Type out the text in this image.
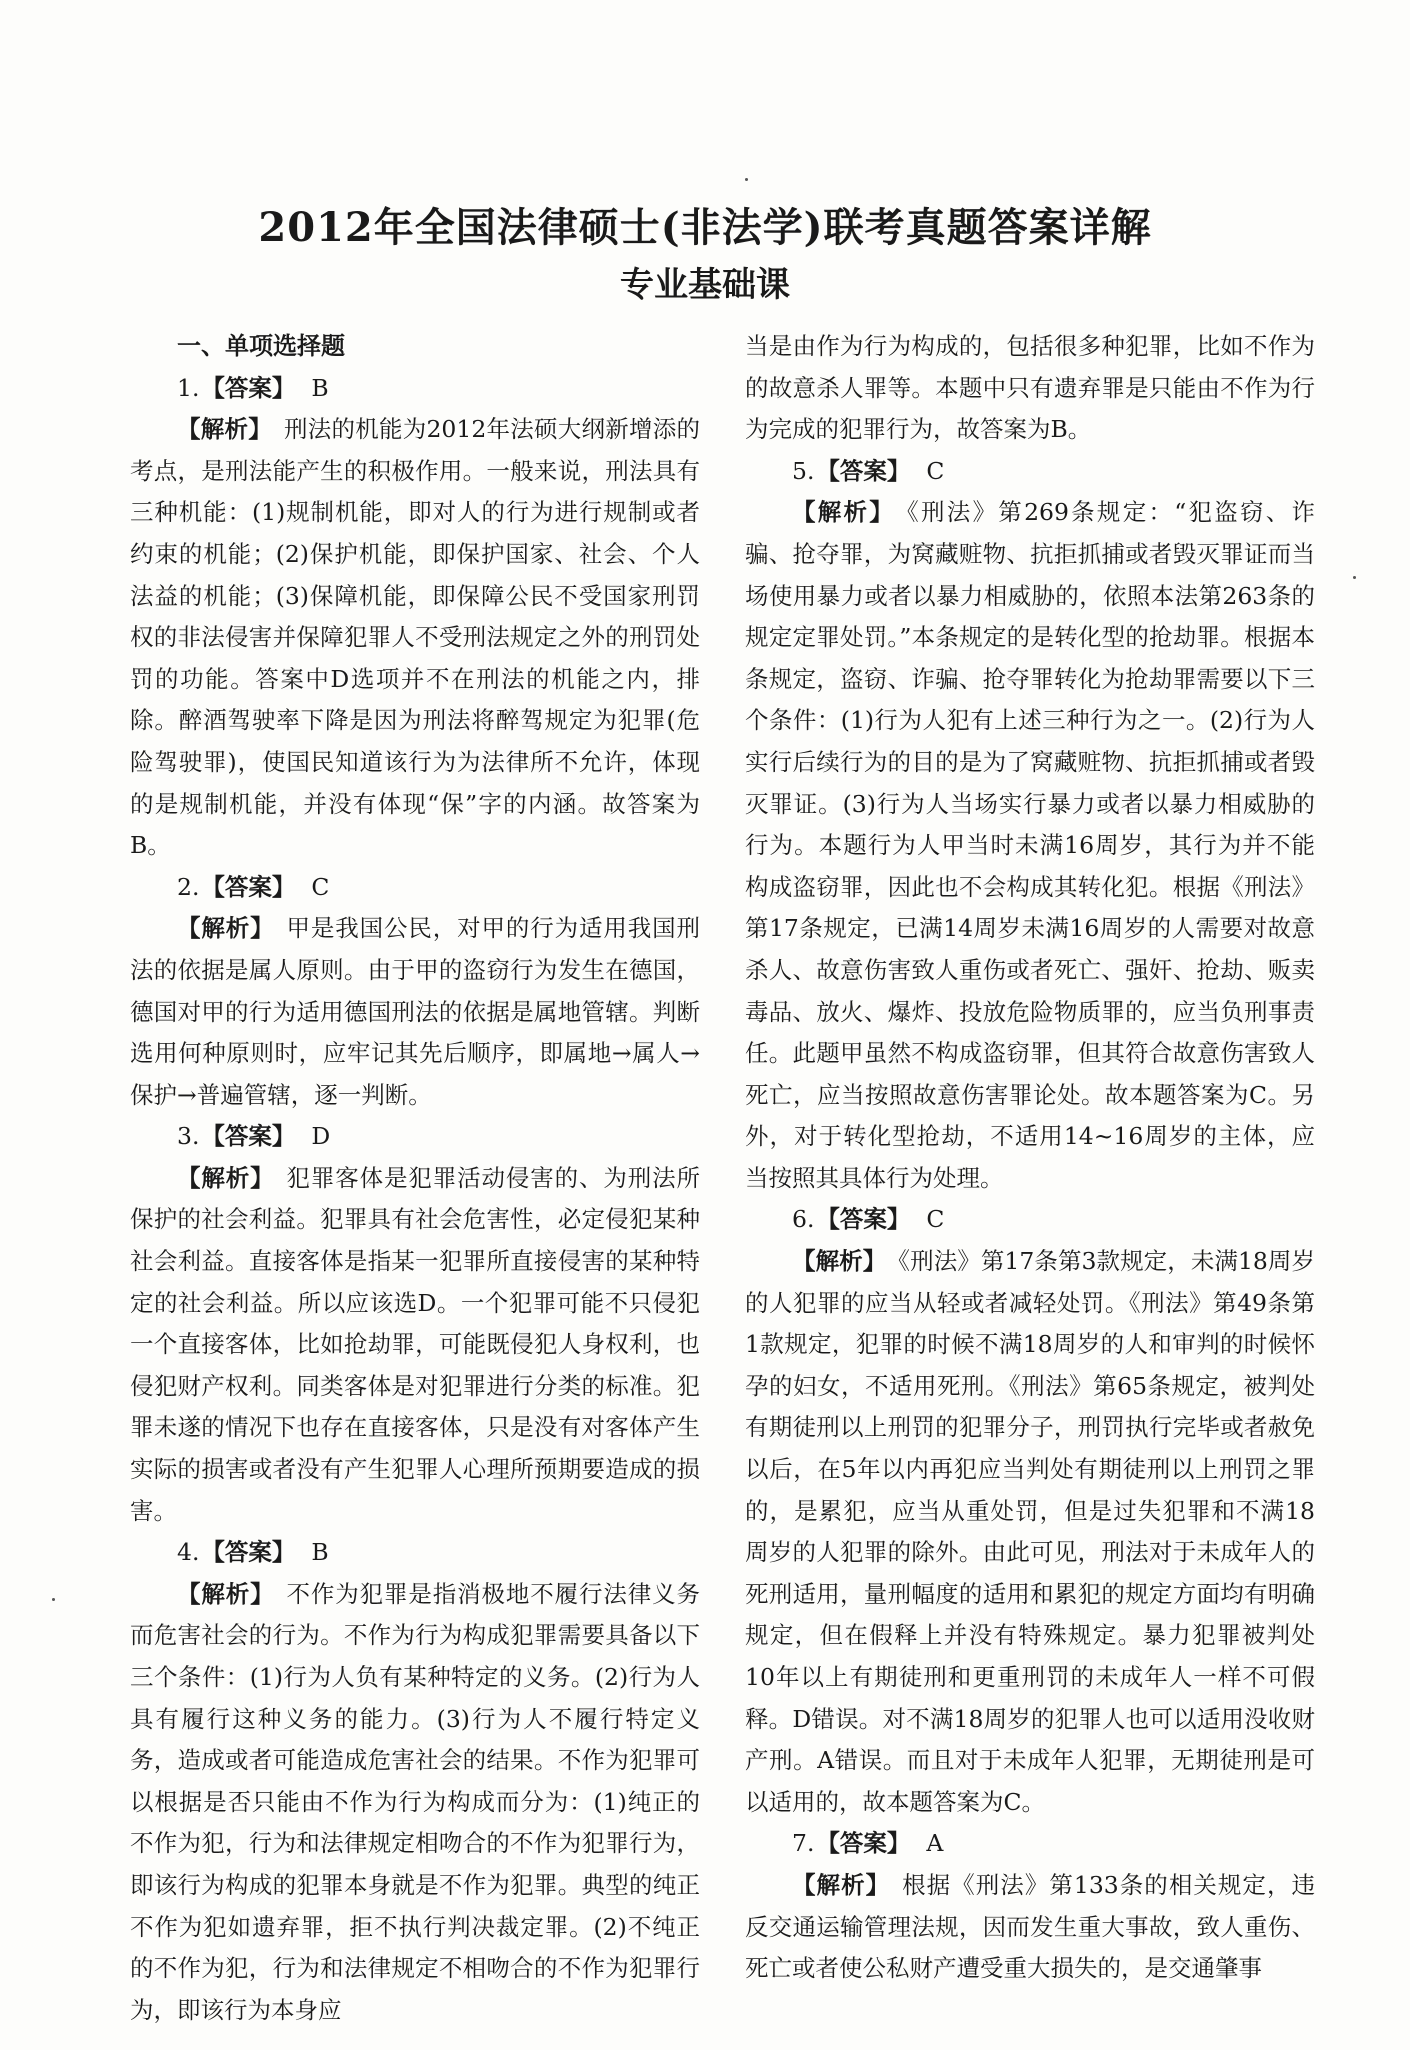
2012年全国法律硕士(非法学)联考真题答案详解
专业基础课

一、单项选择题

1.【答案】 B

【解析】 刑法的机能为2012年法硕大纲新增添的考点，是刑法能产生的积极作用。一般来说，刑法具有三种机能：(1)规制机能，即对人的行为进行规制或者约束的机能；(2)保护机能，即保护国家、社会、个人法益的机能；(3)保障机能，即保障公民不受国家刑罚权的非法侵害并保障犯罪人不受刑法规定之外的刑罚处罚的功能。答案中D选项并不在刑法的机能之内，排除。醉酒驾驶率下降是因为刑法将醉驾规定为犯罪(危险驾驶罪)，使国民知道该行为为法律所不允许，体现的是规制机能，并没有体现“保”字的内涵。故答案为B。

2.【答案】 C

【解析】 甲是我国公民，对甲的行为适用我国刑法的依据是属人原则。由于甲的盗窃行为发生在德国，德国对甲的行为适用德国刑法的依据是属地管辖。判断选用何种原则时，应牢记其先后顺序，即属地→属人→保护→普遍管辖，逐一判断。

3.【答案】 D

【解析】 犯罪客体是犯罪活动侵害的、为刑法所保护的社会利益。犯罪具有社会危害性，必定侵犯某种社会利益。直接客体是指某一犯罪所直接侵害的某种特定的社会利益。所以应该选D。一个犯罪可能不只侵犯一个直接客体，比如抢劫罪，可能既侵犯人身权利，也侵犯财产权利。同类客体是对犯罪进行分类的标准。犯罪未遂的情况下也存在直接客体，只是没有对客体产生实际的损害或者没有产生犯罪人心理所预期要造成的损害。

4.【答案】 B

【解析】 不作为犯罪是指消极地不履行法律义务而危害社会的行为。不作为行为构成犯罪需要具备以下三个条件：(1)行为人负有某种特定的义务。(2)行为人具有履行这种义务的能力。(3)行为人不履行特定义务，造成或者可能造成危害社会的结果。不作为犯罪可以根据是否只能由不作为行为构成而分为：(1)纯正的不作为犯，行为和法律规定相吻合的不作为犯罪行为，即该行为构成的犯罪本身就是不作为犯罪。典型的纯正不作为犯如遗弃罪，拒不执行判决裁定罪。(2)不纯正的不作为犯，行为和法律规定不相吻合的不作为犯罪行为，即该行为本身应

当是由作为行为构成的，包括很多种犯罪，比如不作为的故意杀人罪等。本题中只有遗弃罪是只能由不作为行为完成的犯罪行为，故答案为B。

5.【答案】 C

【解析】 《刑法》第269条规定：“犯盗窃、诈骗、抢夺罪，为窝藏赃物、抗拒抓捕或者毁灭罪证而当场使用暴力或者以暴力相威胁的，依照本法第263条的规定定罪处罚。”本条规定的是转化型的抢劫罪。根据本条规定，盗窃、诈骗、抢夺罪转化为抢劫罪需要以下三个条件：(1)行为人犯有上述三种行为之一。(2)行为人实行后续行为的目的是为了窝藏赃物、抗拒抓捕或者毁灭罪证。(3)行为人当场实行暴力或者以暴力相威胁的行为。本题行为人甲当时未满16周岁，其行为并不能构成盗窃罪，因此也不会构成其转化犯。根据《刑法》第17条规定，已满14周岁未满16周岁的人需要对故意杀人、故意伤害致人重伤或者死亡、强奸、抢劫、贩卖毒品、放火、爆炸、投放危险物质罪的，应当负刑事责任。此题甲虽然不构成盗窃罪，但其符合故意伤害致人死亡，应当按照故意伤害罪论处。故本题答案为C。另外，对于转化型抢劫，不适用14~16周岁的主体，应当按照其具体行为处理。

6.【答案】 C

【解析】 《刑法》第17条第3款规定，未满18周岁的人犯罪的应当从轻或者减轻处罚。《刑法》第49条第1款规定，犯罪的时候不满18周岁的人和审判的时候怀孕的妇女，不适用死刑。《刑法》第65条规定，被判处有期徒刑以上刑罚的犯罪分子，刑罚执行完毕或者赦免以后，在5年以内再犯应当判处有期徒刑以上刑罚之罪的，是累犯，应当从重处罚，但是过失犯罪和不满18周岁的人犯罪的除外。由此可见，刑法对于未成年人的死刑适用，量刑幅度的适用和累犯的规定方面均有明确规定，但在假释上并没有特殊规定。暴力犯罪被判处10年以上有期徒刑和更重刑罚的未成年人一样不可假释。D错误。对不满18周岁的犯罪人也可以适用没收财产刑。A错误。而且对于未成年人犯罪，无期徒刑是可以适用的，故本题答案为C。

7.【答案】 A

【解析】 根据《刑法》第133条的相关规定，违反交通运输管理法规，因而发生重大事故，致人重伤、死亡或者使公私财产遭受重大损失的，是交通肇事
